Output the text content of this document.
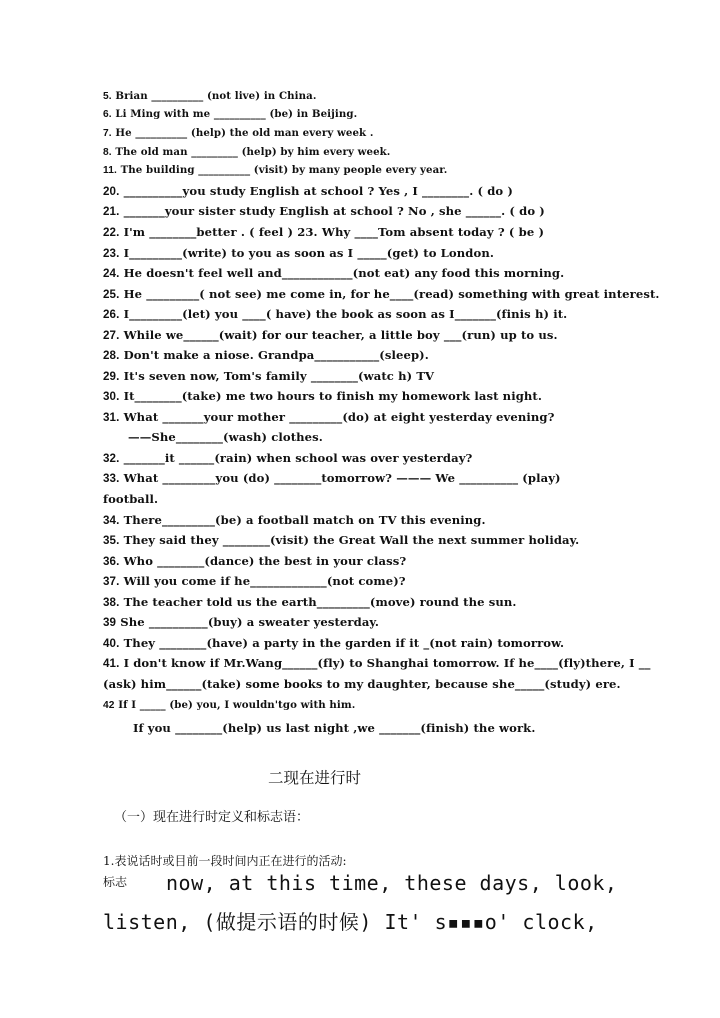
5. Brian __________ (not live) in China.
6. Li Ming with me __________ (be) in Beijing.
7. He __________ (help) the old man every week .
8. The old man _________ (help) by him every week.
11. The building __________ (visit) by many people every year.
20. __________you study English at school ? Yes , I ________. ( do )
21. _______your sister study English at school ? No , she ______. ( do )
22. I'm ________better . ( feel ) 23. Why ____Tom absent today ? ( be )
23. I_________(write) to you as soon as I _____(get) to London.
24. He doesn't feel well and____________(not eat) any food this morning.
25. He _________( not see) me come in, for he____(read) something with great interest.
26. I_________(let) you ____( have) the book as soon as I_______(finis h) it.
27. While we______(wait) for our teacher, a little boy ___(run) up to us.
28. Don't make a niose. Grandpa___________(sleep).
29. It's seven now, Tom's family ________(watc h) TV
30. It________(take) me two hours to finish my homework last night.
31. What _______your mother _________(do) at eight yesterday evening?
——She________(wash) clothes.
32. _______it ______(rain) when school was over yesterday?
33. What _________you (do) ________tomorrow? ——— We __________ (play)
football.
34. There_________(be) a football match on TV this evening.
35. They said they ________(visit) the Great Wall the next summer holiday.
36. Who ________(dance) the best in your class?
37. Will you come if he_____________(not come)?
38. The teacher told us the earth_________(move) round the sun.
39 She __________(buy) a sweater yesterday.
40. They ________(have) a party in the garden if it _(not rain) tomorrow.
41. I don't know if Mr.Wang______(fly) to Shanghai tomorrow. If he____(fly)there, I __
(ask) him______(take) some books to my daughter, because she_____(study) ere.
42 If I _____ (be) you, I wouldn'tgo with him.
If you ________(help) us last night ,we _______(finish) the work.
二现在进行时
（一）现在进行时定义和标志语：
1.表说话时或目前一段时间内正在进行的活动:
标志 now, at this time, these days, look,
listen, (做提示语的时候) It' s▪▪▪o' clock,
